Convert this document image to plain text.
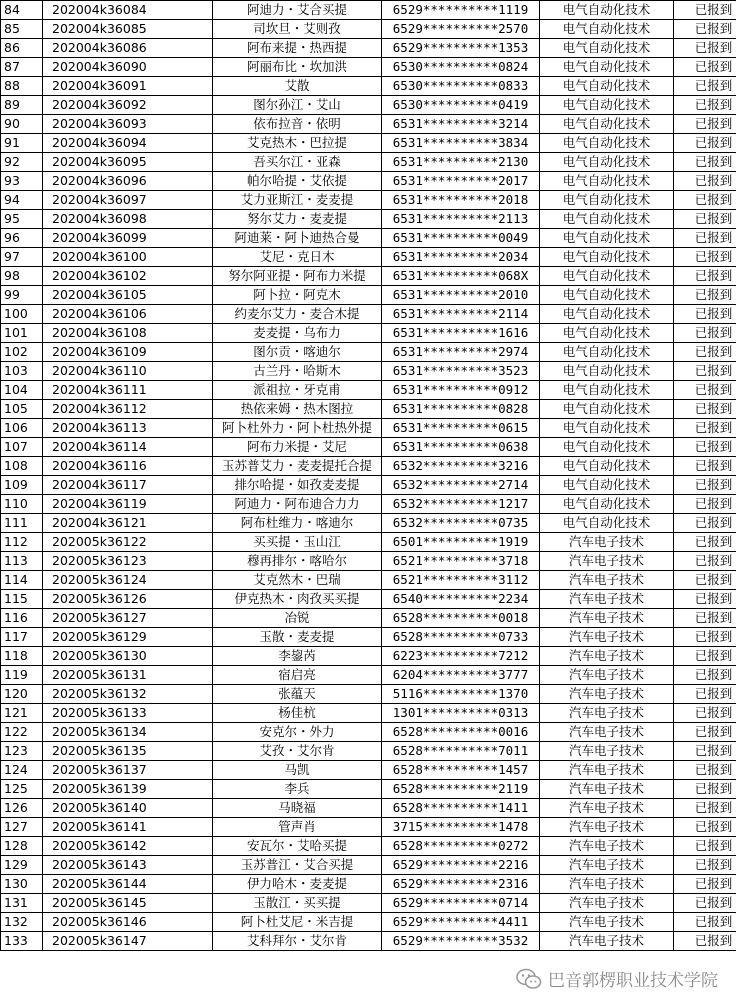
84	202004k36084	阿迪力・艾合买提	6529**********1119	电气自动化技术	已报到
85	202004k36085	司坎旦・艾则孜	6529**********2570	电气自动化技术	已报到
86	202004k36086	阿布来提・热西提	6529**********1353	电气自动化技术	已报到
87	202004k36090	阿丽布比・坎加洪	6530**********0824	电气自动化技术	已报到
88	202004k36091	艾散	6530**********0833	电气自动化技术	已报到
89	202004k36092	图尔孙江・艾山	6530**********0419	电气自动化技术	已报到
90	202004k36093	依布拉音・依明	6531**********3214	电气自动化技术	已报到
91	202004k36094	艾克热木・巴拉提	6531**********3834	电气自动化技术	已报到
92	202004k36095	吾买尔江・亚森	6531**********2130	电气自动化技术	已报到
93	202004k36096	帕尔哈提・艾依提	6531**********2017	电气自动化技术	已报到
94	202004k36097	艾力亚斯江・麦麦提	6531**********2018	电气自动化技术	已报到
95	202004k36098	努尔艾力・麦麦提	6531**********2113	电气自动化技术	已报到
96	202004k36099	阿迪莱・阿卜迪热合曼	6531**********0049	电气自动化技术	已报到
97	202004k36100	艾尼・克日木	6531**********2034	电气自动化技术	已报到
98	202004k36102	努尔阿亚提・阿布力米提	6531**********068X	电气自动化技术	已报到
99	202004k36105	阿卜拉・阿克木	6531**********2010	电气自动化技术	已报到
100	202004k36106	约麦尔艾力・麦合木提	6531**********2114	电气自动化技术	已报到
101	202004k36108	麦麦提・乌布力	6531**********1616	电气自动化技术	已报到
102	202004k36109	图尔贡・喀迪尔	6531**********2974	电气自动化技术	已报到
103	202004k36110	古兰丹・哈斯木	6531**********3523	电气自动化技术	已报到
104	202004k36111	派祖拉・牙克甫	6531**********0912	电气自动化技术	已报到
105	202004k36112	热依来姆・热木图拉	6531**********0828	电气自动化技术	已报到
106	202004k36113	阿卜杜外力・阿卜杜热外提	6531**********0615	电气自动化技术	已报到
107	202004k36114	阿布力米提・艾尼	6531**********0638	电气自动化技术	已报到
108	202004k36116	玉苏普艾力・麦麦提托合提	6532**********3216	电气自动化技术	已报到
109	202004k36117	排尔哈提・如孜麦麦提	6532**********2714	电气自动化技术	已报到
110	202004k36119	阿迪力・阿布迪合力力	6532**********1217	电气自动化技术	已报到
111	202004k36121	阿布杜维力・喀迪尔	6532**********0735	电气自动化技术	已报到
112	202005k36122	买买提・玉山江	6501**********1919	汽车电子技术	已报到
113	202005k36123	穆再排尔・喀哈尔	6521**********3718	汽车电子技术	已报到
114	202005k36124	艾克然木・巴瑞	6521**********3112	汽车电子技术	已报到
115	202005k36126	伊克热木・肉孜买买提	6540**********2234	汽车电子技术	已报到
116	202005k36127	冶锐	6528**********0018	汽车电子技术	已报到
117	202005k36129	玉散・麦麦提	6528**********0733	汽车电子技术	已报到
118	202005k36130	李鋆芮	6223**********7212	汽车电子技术	已报到
119	202005k36131	宿启亮	6204**********3777	汽车电子技术	已报到
120	202005k36132	张蕴天	5116**********1370	汽车电子技术	已报到
121	202005k36133	杨佳杭	1301**********0313	汽车电子技术	已报到
122	202005k36134	安克尔・外力	6528**********0016	汽车电子技术	已报到
123	202005k36135	艾孜・艾尔肯	6528**********7011	汽车电子技术	已报到
124	202005k36137	马凯	6528**********1457	汽车电子技术	已报到
125	202005k36139	李兵	6528**********2119	汽车电子技术	已报到
126	202005k36140	马晓福	6528**********1411	汽车电子技术	已报到
127	202005k36141	管声肖	3715**********1478	汽车电子技术	已报到
128	202005k36142	安瓦尔・艾哈买提	6528**********0272	汽车电子技术	已报到
129	202005k36143	玉苏普江・艾合买提	6529**********2216	汽车电子技术	已报到
130	202005k36144	伊力哈木・麦麦提	6529**********2316	汽车电子技术	已报到
131	202005k36145	玉散江・买买提	6529**********0714	汽车电子技术	已报到
132	202005k36146	阿卜杜艾尼・米吉提	6529**********4411	汽车电子技术	已报到
133	202005k36147	艾科拜尔・艾尔肯	6529**********3532	汽车电子技术	已报到
巴音郭楞职业技术学院
